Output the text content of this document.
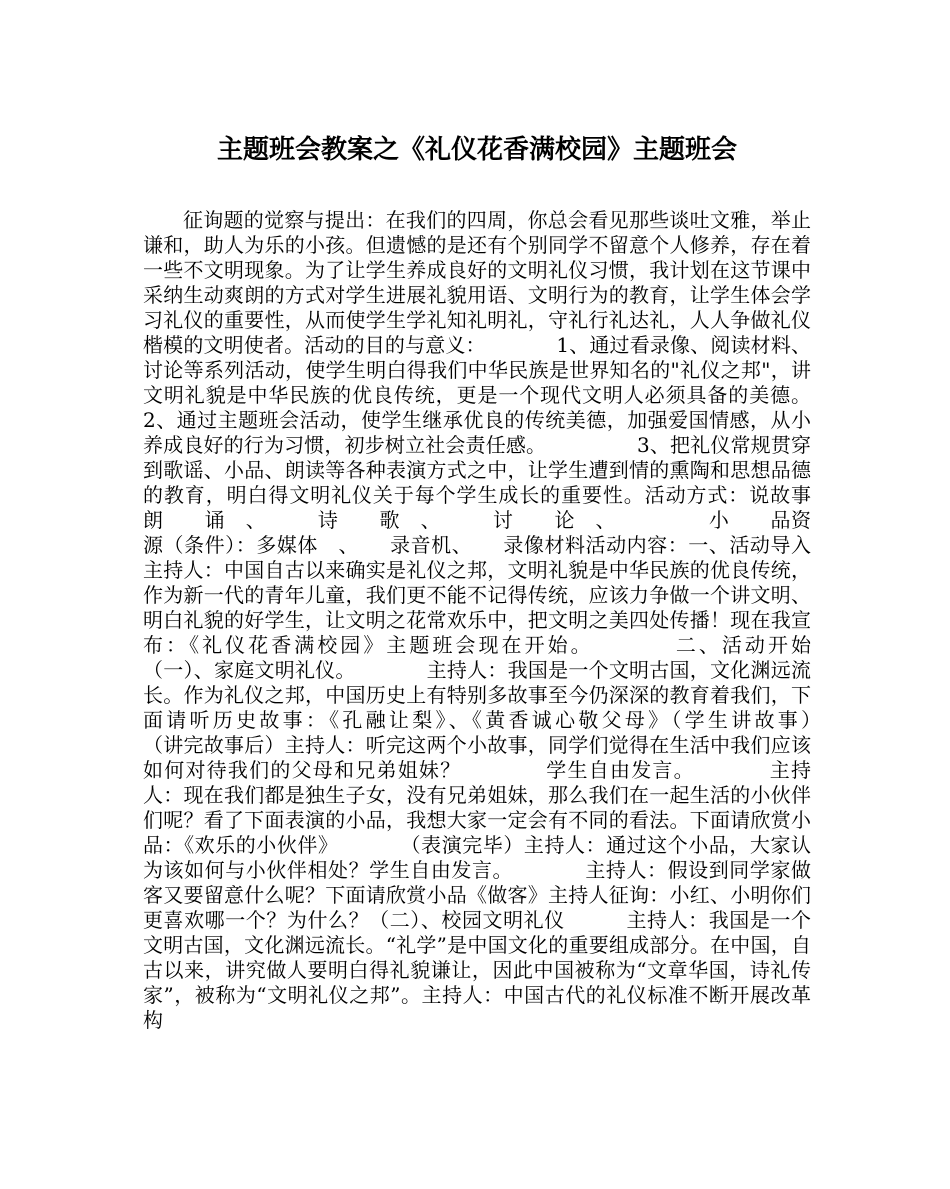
主题班会教案之《礼仪花香满校园》主题班会

征询题的觉察与提出：在我们的四周，你总会看见那些谈吐文雅，举止谦和，助人为乐的小孩。但遗憾的是还有个别同学不留意个人修养，存在着一些不文明现象。为了让学生养成良好的文明礼仪习惯，我计划在这节课中采纳生动爽朗的方式对学生进展礼貌用语、文明行为的教育，让学生体会学习礼仪的重要性，从而使学生学礼知礼明礼，守礼行礼达礼，人人争做礼仪楷模的文明使者。活动的目的与意义：　　　　1、通过看录像、阅读材料、讨论等系列活动，使学生明白得我们中华民族是世界知名的"礼仪之邦"，讲文明礼貌是中华民族的优良传统，更是一个现代文明人必须具备的美德。2、通过主题班会活动，使学生继承优良的传统美德，加强爱国情感，从小养成良好的行为习惯，初步树立社会责任感。　　　　　3、把礼仪常规贯穿到歌谣、小品、朗读等各种表演方式之中，让学生遭到情的熏陶和思想品德的教育，明白得文明礼仪关于每个学生成长的重要性。活动方式：说故事　　　朗　　诵　、　　　诗　　歌　、　　　讨　　论　、　　　　　小　　品资源（条件）：多媒体　、　　录音机、　　录像材料活动内容：一、活动导入　　　　主持人：中国自古以来确实是礼仪之邦，文明礼貌是中华民族的优良传统，作为新一代的青年儿童，我们更不能不记得传统，应该力争做一个讲文明、明白礼貌的好学生，让文明之花常欢乐中，把文明之美四处传播！现在我宣布：《礼仪花香满校园》主题班会现在开始。　　　　二、活动开始　　　　（一）、家庭文明礼仪。　　　　主持人：我国是一个文明古国，文化渊远流长。作为礼仪之邦，中国历史上有特别多故事至今仍深深的教育着我们，下面请听历史故事：《孔融让梨》、《黄香诚心敬父母》（学生讲故事）　　　　　（讲完故事后）主持人：听完这两个小故事，同学们觉得在生活中我们应该如何对待我们的父母和兄弟姐妹？　　　　学生自由发言。　　　　主持人：现在我们都是独生子女，没有兄弟姐妹，那么我们在一起生活的小伙伴们呢？看了下面表演的小品，我想大家一定会有不同的看法。下面请欣赏小品：《欢乐的小伙伴》　　　　（表演完毕）主持人：通过这个小品，大家认为该如何与小伙伴相处？学生自由发言。　　　　主持人：假设到同学家做客又要留意什么呢？下面请欣赏小品《做客》主持人征询：小红、小明你们更喜欢哪一个？为什么？（二）、校园文明礼仪　　　主持人：我国是一个文明古国，文化渊远流长。“礼学”是中国文化的重要组成部分。在中国，自古以来，讲究做人要明白得礼貌谦让，因此中国被称为“文章华国，诗礼传家”，被称为“文明礼仪之邦”。主持人：中国古代的礼仪标准不断开展改革构
